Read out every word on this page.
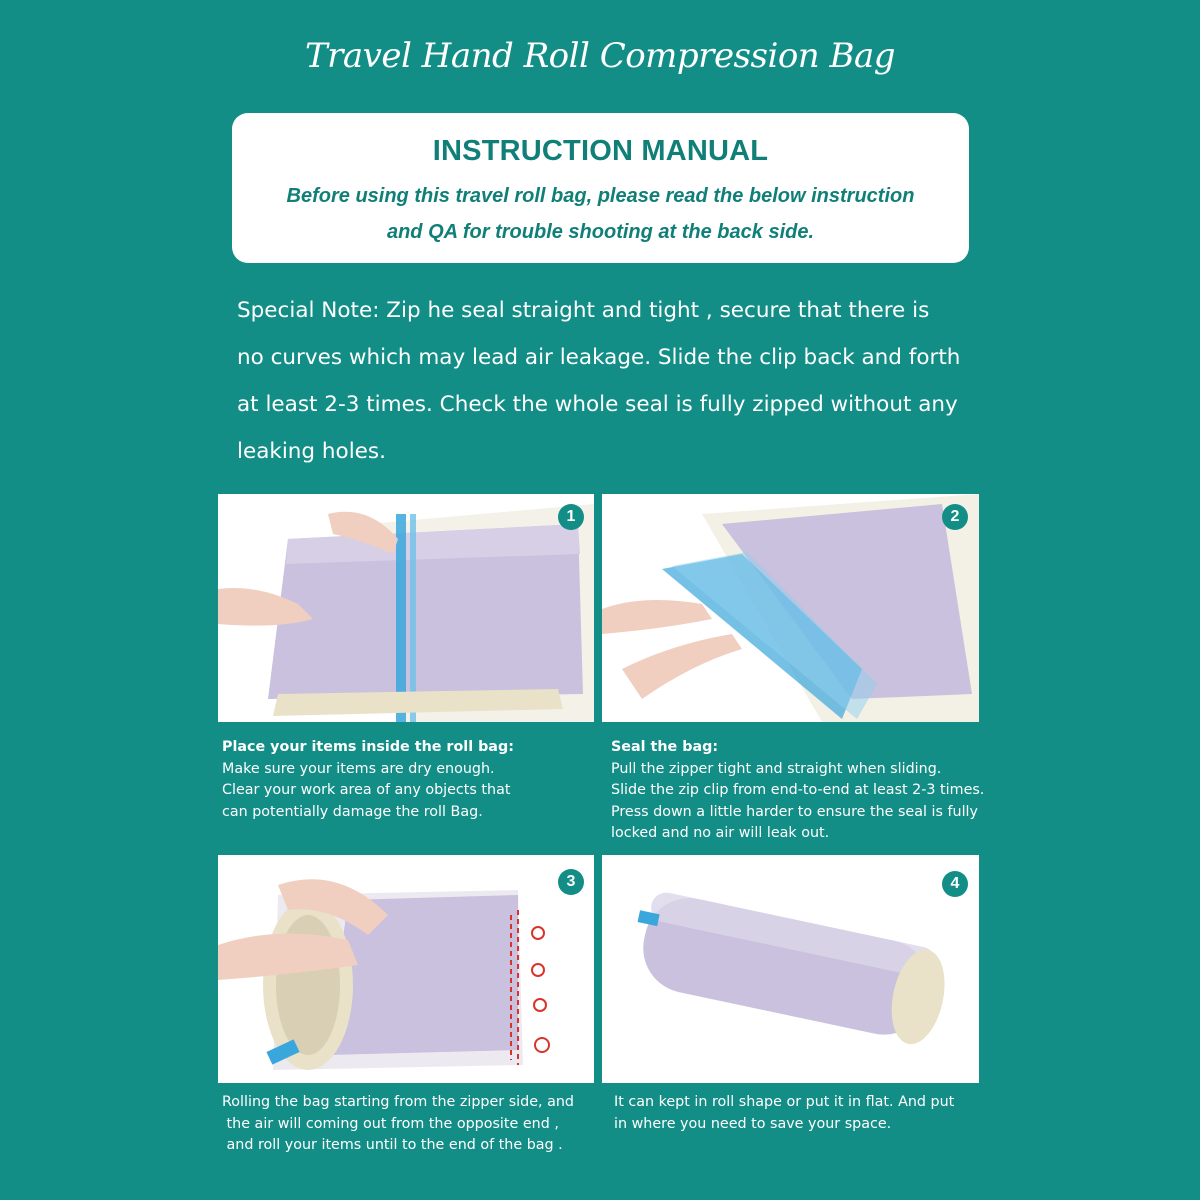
Travel Hand Roll Compression Bag
INSTRUCTION MANUAL
Before using this travel roll bag, please read the below instruction
and QA for trouble shooting at the back side.
Special Note: Zip he seal straight and tight , secure that there is
no curves which may lead air leakage. Slide the clip back and forth
at least 2-3 times. Check the whole seal is fully zipped without any
leaking holes.
1	2
Place your items inside the roll bag:
Make sure your items are dry enough.
Clear your work area of any objects that
can potentially damage the roll Bag.
Seal the bag:
Pull the zipper tight and straight when sliding.
Slide the zip clip from end-to-end at least 2-3 times.
Press down a little harder to ensure the seal is fully
locked and no air will leak out.
3	4
Rolling the bag starting from the zipper side, and
the air will coming out from the opposite end ,
and roll your items until to the end of the bag .
It can kept in roll shape or put it in flat. And put
in where you need to save your space.
